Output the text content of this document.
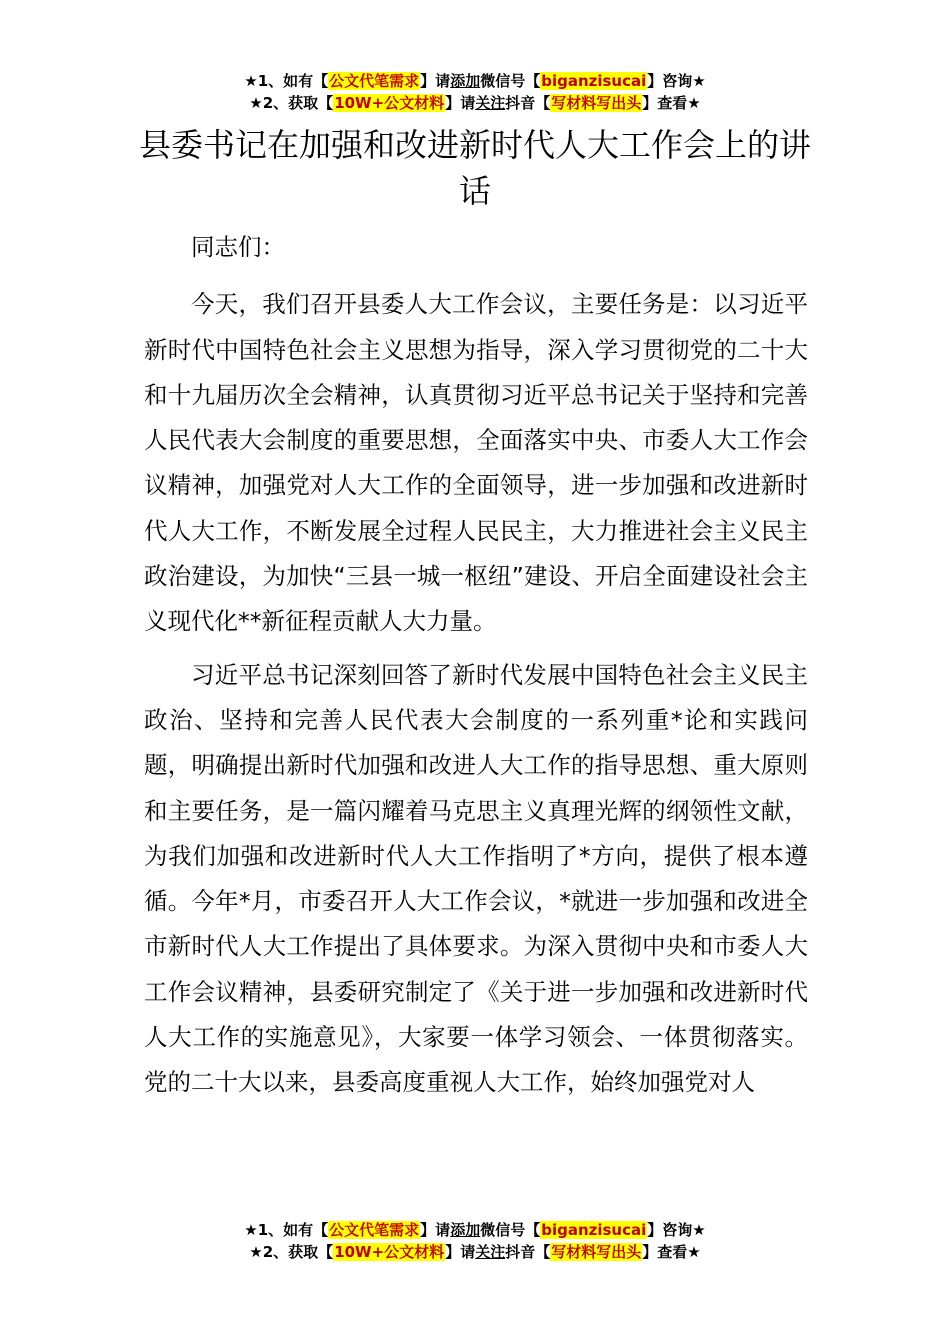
★1、如有【公文代笔需求】请添加微信号【biganzisucai】咨询★
★2、获取【10W+公文材料】请关注抖音【写材料写出头】查看★
县委书记在加强和改进新时代人大工作会上的讲话

同志们：

今天，我们召开县委人大工作会议，主要任务是：以习近平新时代中国特色社会主义思想为指导，深入学习贯彻党的二十大和十九届历次全会精神，认真贯彻习近平总书记关于坚持和完善人民代表大会制度的重要思想，全面落实中央、市委人大工作会议精神，加强党对人大工作的全面领导，进一步加强和改进新时代人大工作，不断发展全过程人民民主，大力推进社会主义民主政治建设，为加快“三县一城一枢纽”建设、开启全面建设社会主义现代化**新征程贡献人大力量。

习近平总书记深刻回答了新时代发展中国特色社会主义民主政治、坚持和完善人民代表大会制度的一系列重*论和实践问题，明确提出新时代加强和改进人大工作的指导思想、重大原则和主要任务，是一篇闪耀着马克思主义真理光辉的纲领性文献，为我们加强和改进新时代人大工作指明了*方向，提供了根本遵循。今年*月，市委召开人大工作会议，*就进一步加强和改进全市新时代人大工作提出了具体要求。为深入贯彻中央和市委人大工作会议精神，县委研究制定了《关于进一步加强和改进新时代人大工作的实施意见》，大家要一体学习领会、一体贯彻落实。党的二十大以来，县委高度重视人大工作，始终加强党对人

★1、如有【公文代笔需求】请添加微信号【biganzisucai】咨询★
★2、获取【10W+公文材料】请关注抖音【写材料写出头】查看★
